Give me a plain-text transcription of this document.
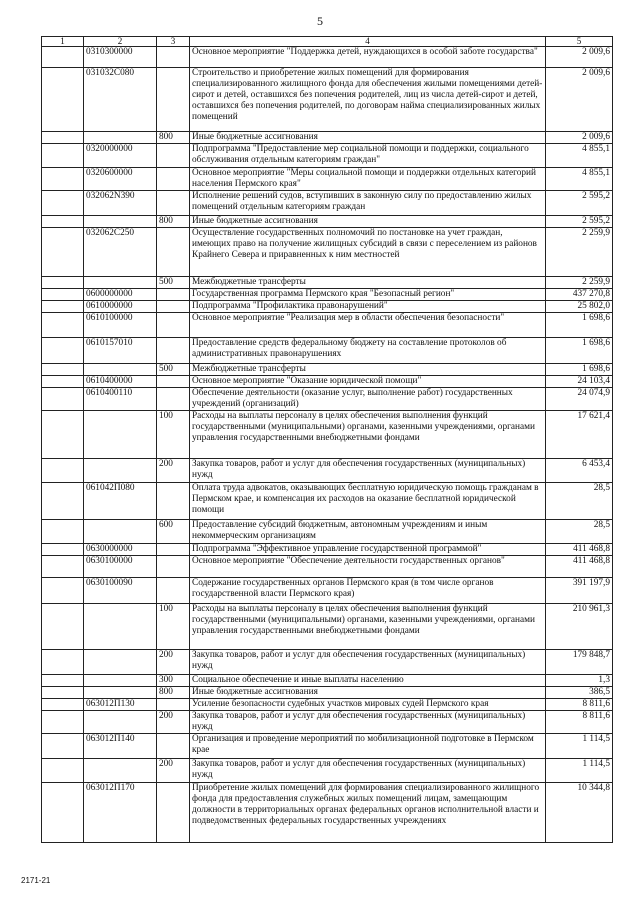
5
1	2	3	4	5
	0310300000		Основное мероприятие "Поддержка детей, нуждающихся в особой заботе государства"	2 009,6
	031032С080		Строительство и приобретение жилых помещений для формирования специализированного жилищного фонда для обеспечения жилыми помещениями детей-сирот и детей, оставшихся без попечения родителей, лиц из числа детей-сирот и детей, оставшихся без попечения родителей, по договорам найма специализированных жилых помещений	2 009,6
		800	Иные бюджетные ассигнования	2 009,6
	0320000000		Подпрограмма "Предоставление мер социальной помощи и поддержки, социального обслуживания отдельным категориям граждан"	4 855,1
	0320600000		Основное мероприятие "Меры социальной помощи и поддержки отдельных категорий населения Пермского края"	4 855,1
	032062N390		Исполнение решений судов, вступивших в законную силу по предоставлению жилых помещений отдельным категориям граждан	2 595,2
		800	Иные бюджетные ассигнования	2 595,2
	032062С250		Осуществление государственных полномочий по постановке на учет граждан, имеющих право на получение жилищных субсидий в связи с переселением из районов Крайнего Севера и приравненных к ним местностей	2 259,9
		500	Межбюджетные трансферты	2 259,9
	0600000000		Государственная программа Пермского края "Безопасный регион"	437 270,8
	0610000000		Подпрограмма "Профилактика правонарушений"	25 802,0
	0610100000		Основное мероприятие "Реализация мер в области обеспечения безопасности"	1 698,6
	0610157010		Предоставление средств федеральному бюджету на составление протоколов об административных правонарушениях	1 698,6
		500	Межбюджетные трансферты	1 698,6
	0610400000		Основное мероприятие "Оказание юридической помощи"	24 103,4
	0610400110		Обеспечение деятельности (оказание услуг, выполнение работ) государственных учреждений (организаций)	24 074,9
		100	Расходы на выплаты персоналу в целях обеспечения выполнения функций государственными (муниципальными) органами, казенными учреждениями, органами управления государственными внебюджетными фондами	17 621,4
		200	Закупка товаров, работ и услуг для обеспечения государственных (муниципальных) нужд	6 453,4
	061042П080		Оплата труда адвокатов, оказывающих бесплатную юридическую помощь гражданам в Пермском крае, и компенсация их расходов на оказание бесплатной юридической помощи	28,5
		600	Предоставление субсидий бюджетным, автономным учреждениям и иным некоммерческим организациям	28,5
	0630000000		Подпрограмма "Эффективное управление государственной программой"	411 468,8
	0630100000		Основное мероприятие "Обеспечение деятельности государственных органов"	411 468,8
	0630100090		Содержание государственных органов Пермского края (в том числе органов государственной власти Пермского края)	391 197,9
		100	Расходы на выплаты персоналу в целях обеспечения выполнения функций государственными (муниципальными) органами, казенными учреждениями, органами управления государственными внебюджетными фондами	210 961,3
		200	Закупка товаров, работ и услуг для обеспечения государственных (муниципальных) нужд	179 848,7
		300	Социальное обеспечение и иные выплаты населению	1,3
		800	Иные бюджетные ассигнования	386,5
	063012П130		Усиление безопасности судебных участков мировых судей Пермского края	8 811,6
		200	Закупка товаров, работ и услуг для обеспечения государственных (муниципальных) нужд	8 811,6
	063012П140		Организация и проведение мероприятий по мобилизационной подготовке в Пермском крае	1 114,5
		200	Закупка товаров, работ и услуг для обеспечения государственных (муниципальных) нужд	1 114,5
	063012П170		Приобретение жилых помещений для формирования специализированного жилищного фонда для предоставления служебных жилых помещений лицам, замещающим должности в территориальных органах федеральных органов исполнительной власти и подведомственных федеральных государственных учреждениях	10 344,8
2171-21
